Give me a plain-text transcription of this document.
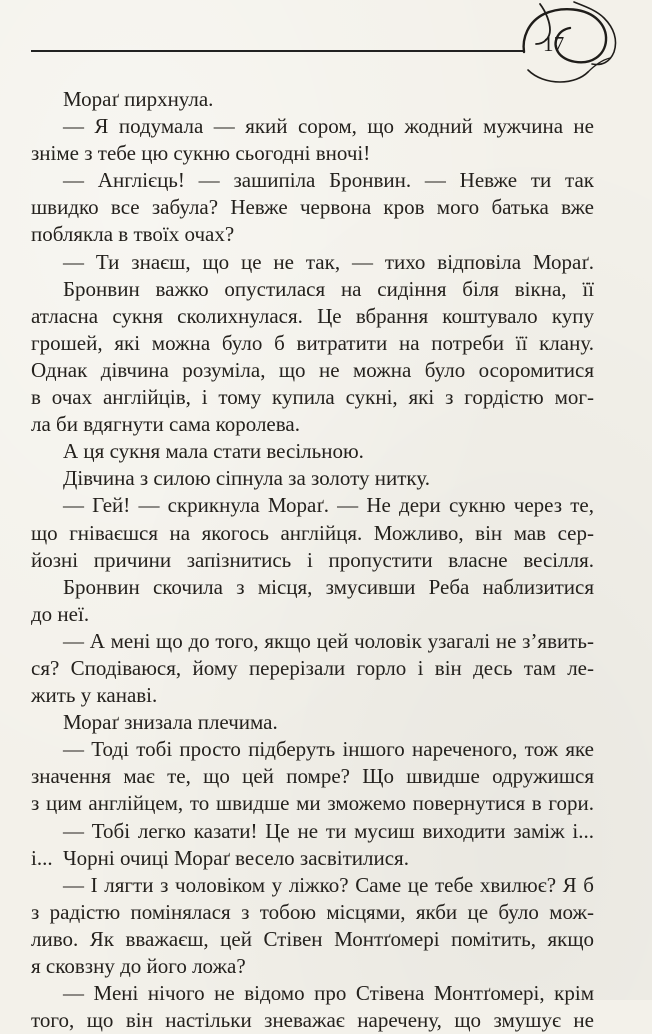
17
Мораґ пирхнула.
— Я подумала — який сором, що жодний мужчина не
зніме з тебе цю сукню сьогодні вночі!
— Англієць! — зашипіла Бронвин. — Невже ти так
швидко все забула? Невже червона кров мого батька вже
поблякла в твоїх очах?
— Ти знаєш, що це не так, — тихо відповіла Мораґ.
Бронвин важко опустилася на сидіння біля вікна, її
атласна сукня сколихнулася. Це вбрання коштувало купу
грошей, які можна було б витратити на потреби її клану.
Однак дівчина розуміла, що не можна було осоромитися
в очах англійців, і тому купила сукні, які з гордістю мог-
ла би вдягнути сама королева.
А ця сукня мала стати весільною.
Дівчина з силою сіпнула за золоту нитку.
— Гей! — скрикнула Мораґ. — Не дери сукню через те,
що гніваєшся на якогось англійця. Можливо, він мав сер-
йозні причини запізнитись і пропустити власне весілля.
Бронвин скочила з місця, змусивши Реба наблизитися
до неї.
— А мені що до того, якщо цей чоловік узагалі не з’явить-
ся? Сподіваюся, йому перерізали горло і він десь там ле-
жить у канаві.
Мораґ знизала плечима.
— Тоді тобі просто підберуть іншого нареченого, тож яке
значення має те, що цей помре? Що швидше одружишся
з цим англійцем, то швидше ми зможемо повернутися в гори.
— Тобі легко казати! Це не ти мусиш виходити заміж і... і... Чорні очиці Мораґ весело засвітилися.
— І лягти з чоловіком у ліжко? Саме це тебе хвилює? Я б
з радістю помінялася з тобою місцями, якби це було мож-
ливо. Як вважаєш, цей Стівен Монтґомері помітить, якщо
я сковзну до його ложа?
— Мені нічого не відомо про Стівена Монтґомері, крім
того, що він настільки зневажає наречену, що змушує не
